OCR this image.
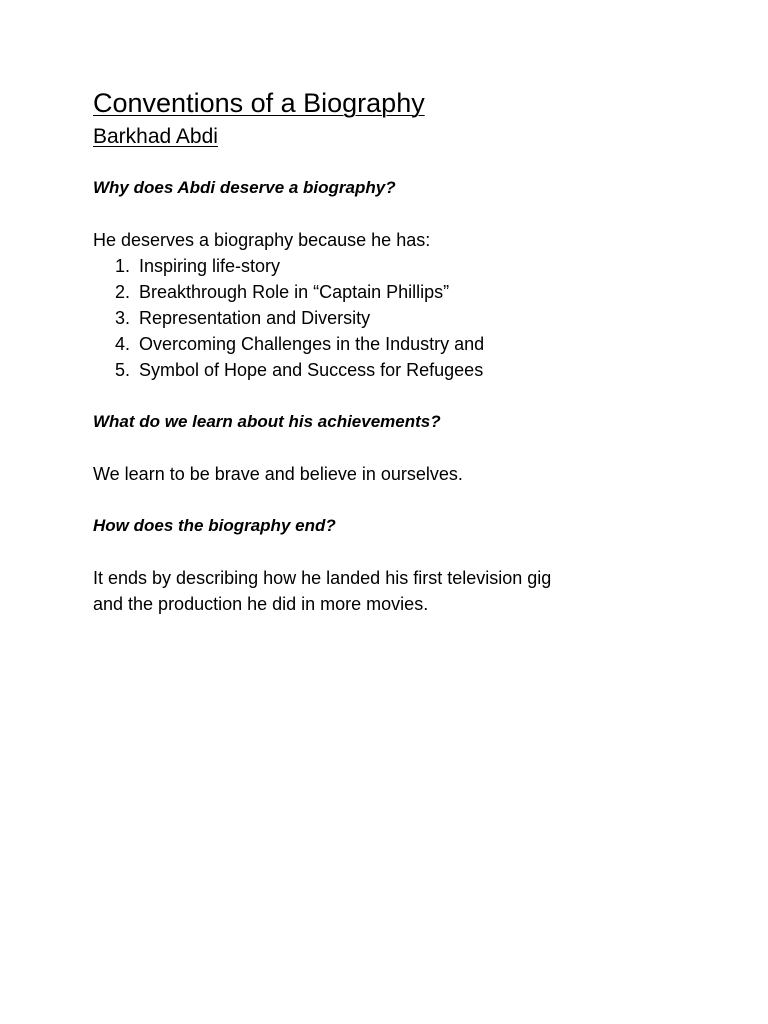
Conventions of a Biography
Barkhad Abdi

Why does Abdi deserve a biography?

He deserves a biography because he has:

1. Inspiring life-story
2. Breakthrough Role in “Captain Phillips”
3. Representation and Diversity
4. Overcoming Challenges in the Industry and
5. Symbol of Hope and Success for Refugees

What do we learn about his achievements?

We learn to be brave and believe in ourselves.

How does the biography end?

It ends by describing how he landed his first television gig
and the production he did in more movies.
